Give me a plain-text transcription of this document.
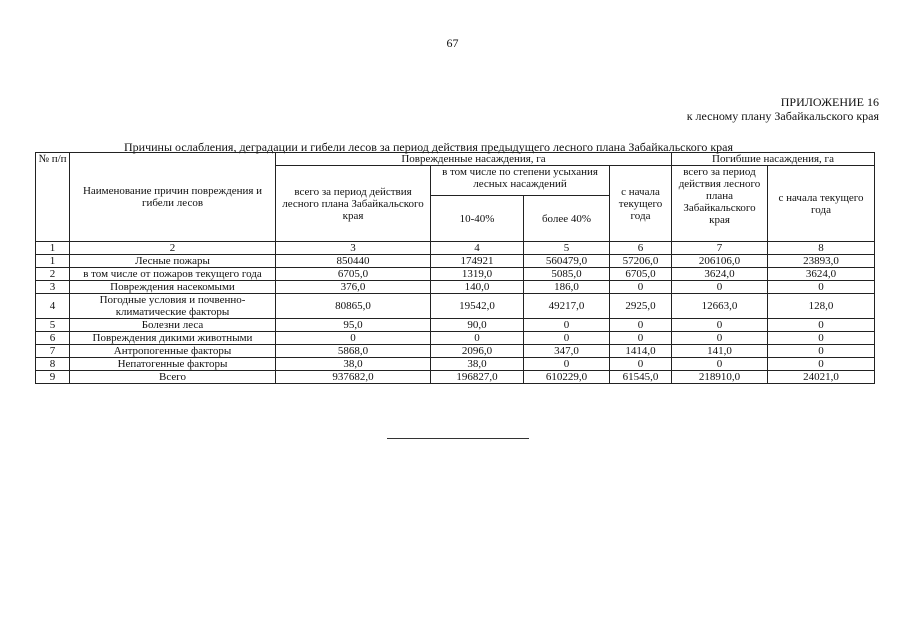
67
ПРИЛОЖЕНИЕ 16
к лесному плану Забайкальского края
Причины ослабления, деградации и гибели лесов за период действия предыдущего лесного плана Забайкальского края
№ п/п	Наименование причин повреждения и гибели лесов	Поврежденные насаждения, га				Погибшие насаждения, га	
		всего за период действия лесного плана Забайкальского края	в том числе по степени усыхания лесных насаждений		с начала текущего года	всего за период действия лесного плана Забайкальского края	с начала текущего года
			10-40%	более 40%			
1	2	3	4	5	6	7	8
1	Лесные пожары	850440	174921	560479,0	57206,0	206106,0	23893,0
2	в том числе от пожаров текущего года	6705,0	1319,0	5085,0	6705,0	3624,0	3624,0
3	Повреждения насекомыми	376,0	140,0	186,0	0	0	0
4	Погодные условия и почвенно-климатические факторы	80865,0	19542,0	49217,0	2925,0	12663,0	128,0
5	Болезни леса	95,0	90,0	0	0	0	0
6	Повреждения дикими животными	0	0	0	0	0	0
7	Антропогенные факторы	5868,0	2096,0	347,0	1414,0	141,0	0
8	Непатогенные факторы	38,0	38,0	0	0	0	0
9	Всего	937682,0	196827,0	610229,0	61545,0	218910,0	24021,0
